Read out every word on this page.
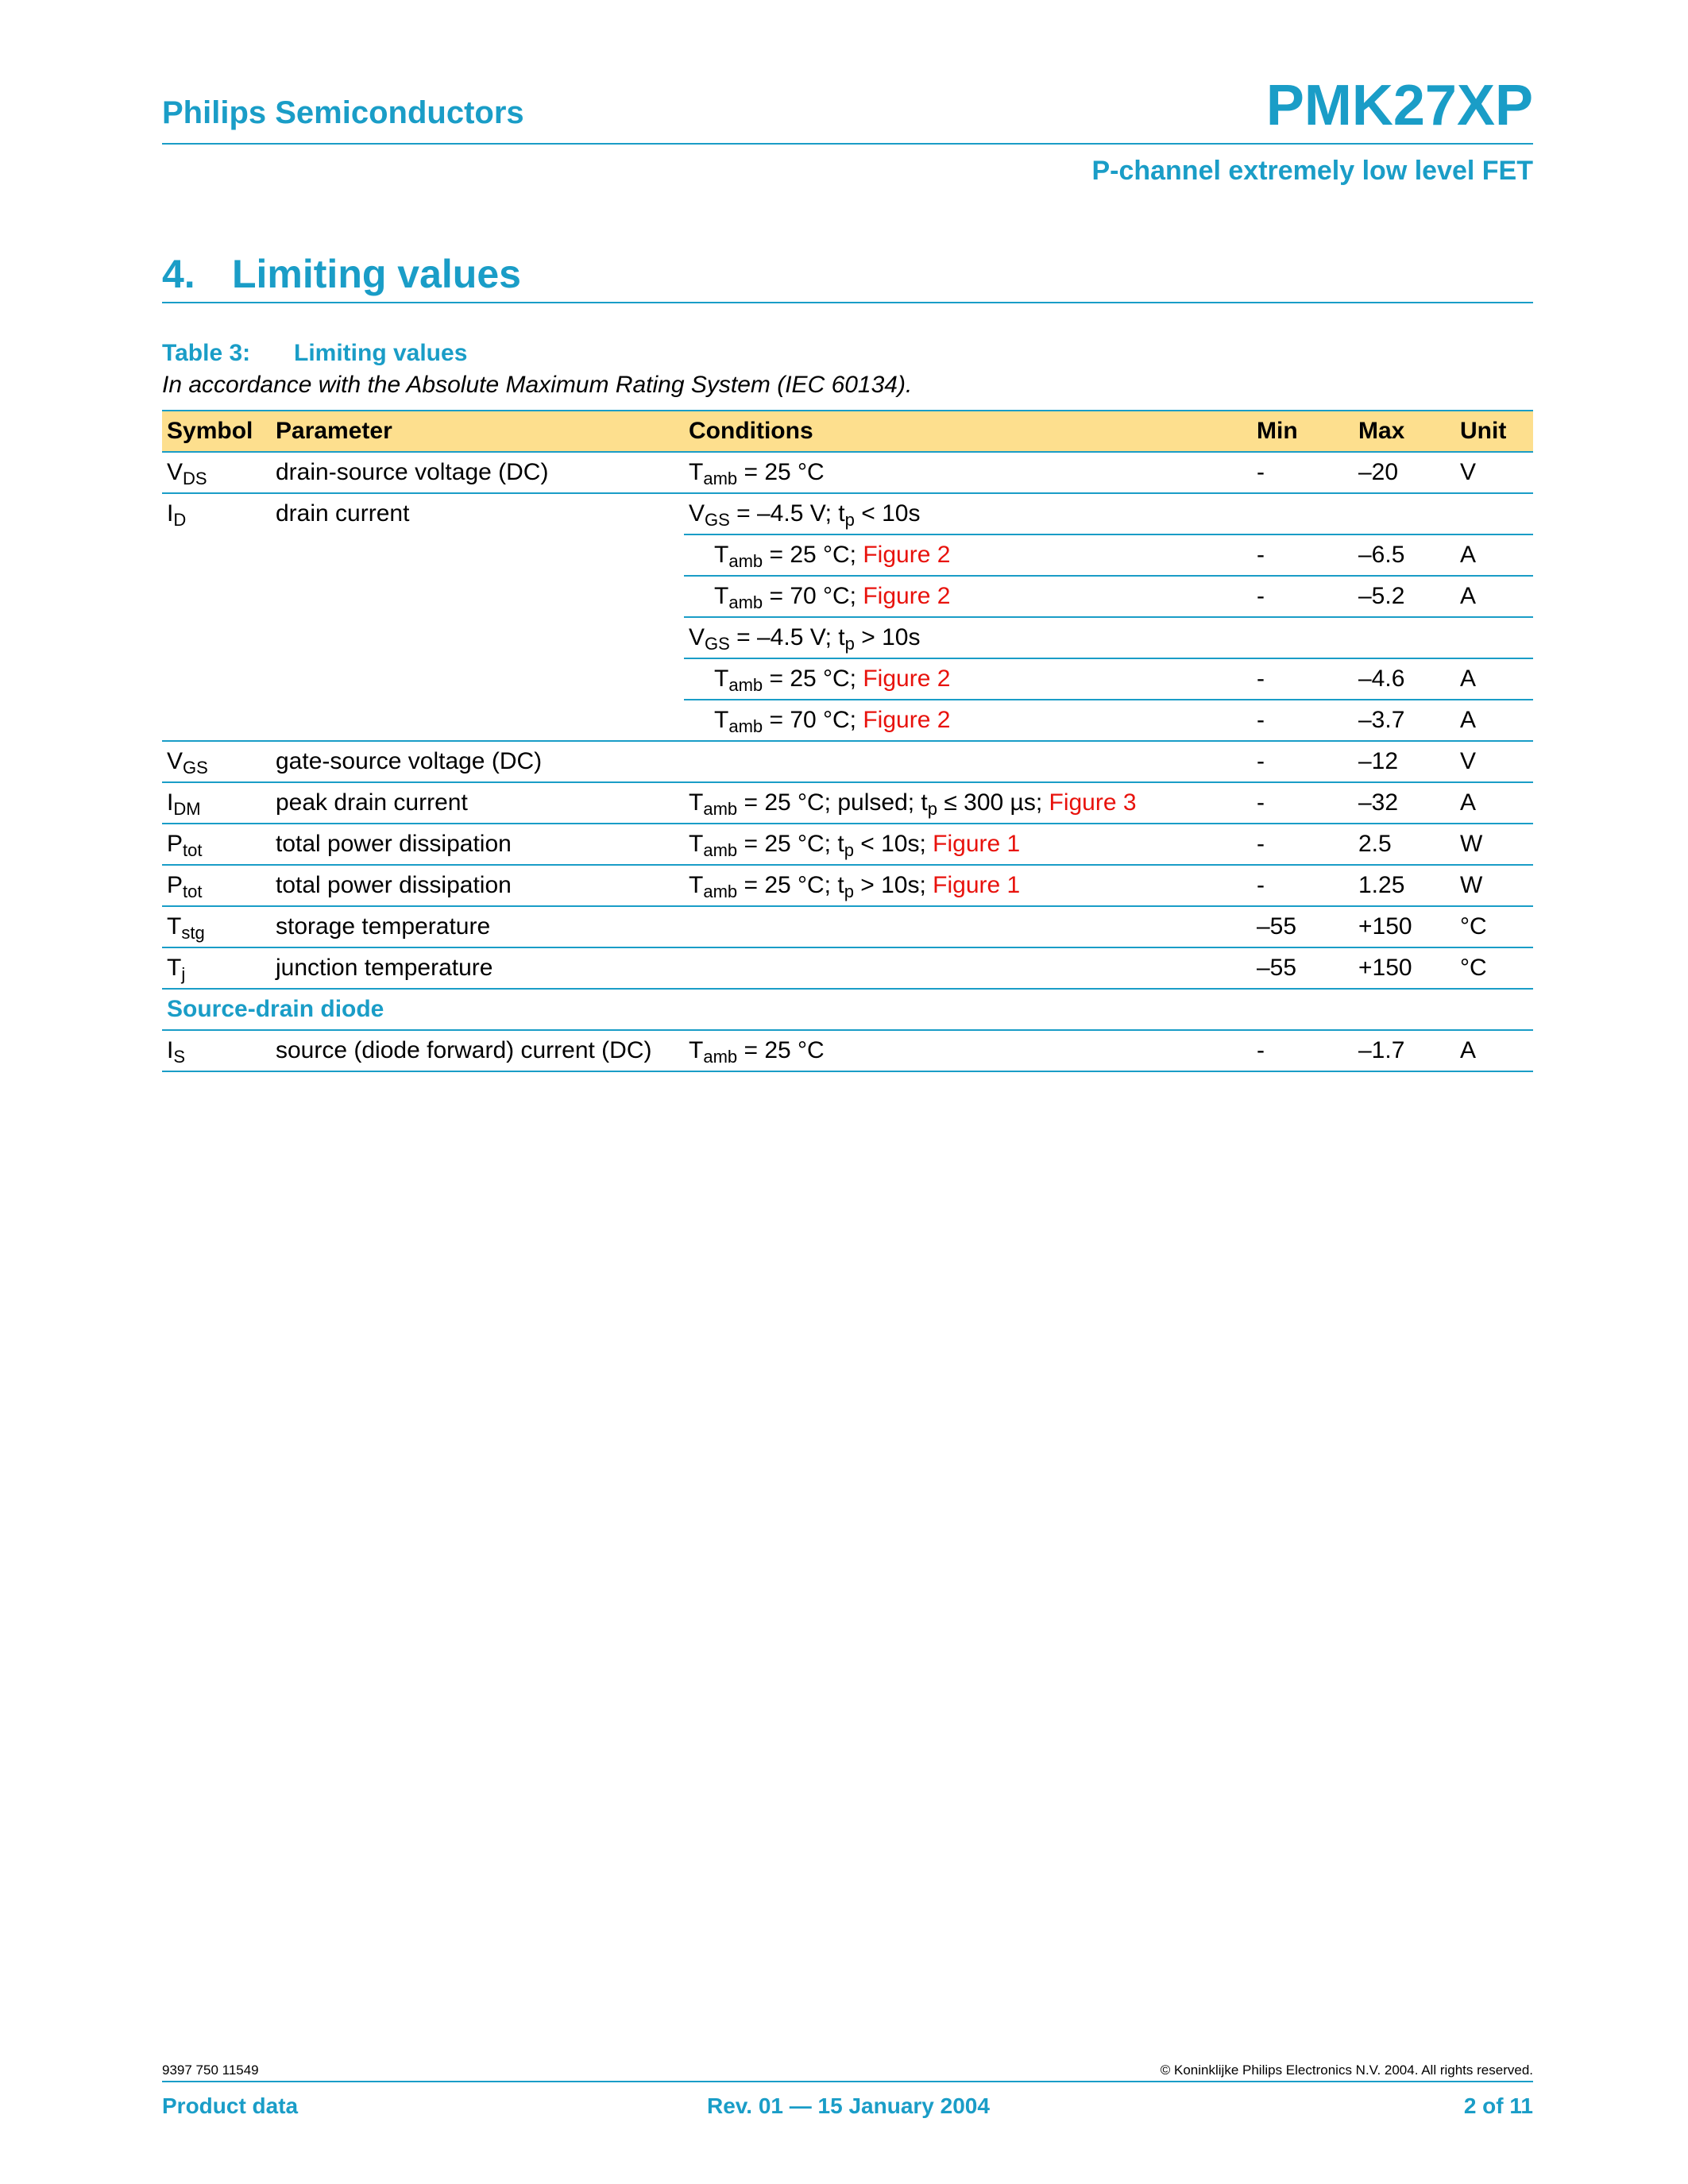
Philips Semiconductors	PMK27XP
P-channel extremely low level FET
4. Limiting values
Table 3: Limiting values
In accordance with the Absolute Maximum Rating System (IEC 60134).
Symbol	Parameter	Conditions	Min	Max	Unit
$V_{DS}$	drain-source voltage (DC)	$T_{amb} = 25$ °C	-	–20	V
$I_D$	drain current	$V_{GS} = -4.5$ V; $t_p < 10s$			
		$T_{amb} = 25$ °C; Figure 2	-	–6.5	A
		$T_{amb} = 70$ °C; Figure 2	-	–5.2	A
		$V_{GS} = -4.5$ V; $t_p > 10s$			
		$T_{amb} = 25$ °C; Figure 2	-	–4.6	A
		$T_{amb} = 70$ °C; Figure 2	-	–3.7	A
$V_{GS}$	gate-source voltage (DC)		-	–12	V
$I_{DM}$	peak drain current	$T_{amb} = 25$ °C; pulsed; $t_p \le 300$ µs; Figure 3	-	–32	A
$P_{tot}$	total power dissipation	$T_{amb} = 25$ °C; $t_p < 10s$; Figure 1	-	2.5	W
$P_{tot}$	total power dissipation	$T_{amb} = 25$ °C; $t_p > 10s$; Figure 1	-	1.25	W
$T_{stg}$	storage temperature		–55	+150	°C
$T_j$	junction temperature		–55	+150	°C
Source-drain diode					
$I_S$	source (diode forward) current (DC)	$T_{amb} = 25$ °C	-	–1.7	A
9397 750 11549	© Koninklijke Philips Electronics N.V. 2004. All rights reserved.
Product data	Rev. 01 — 15 January 2004	2 of 11
